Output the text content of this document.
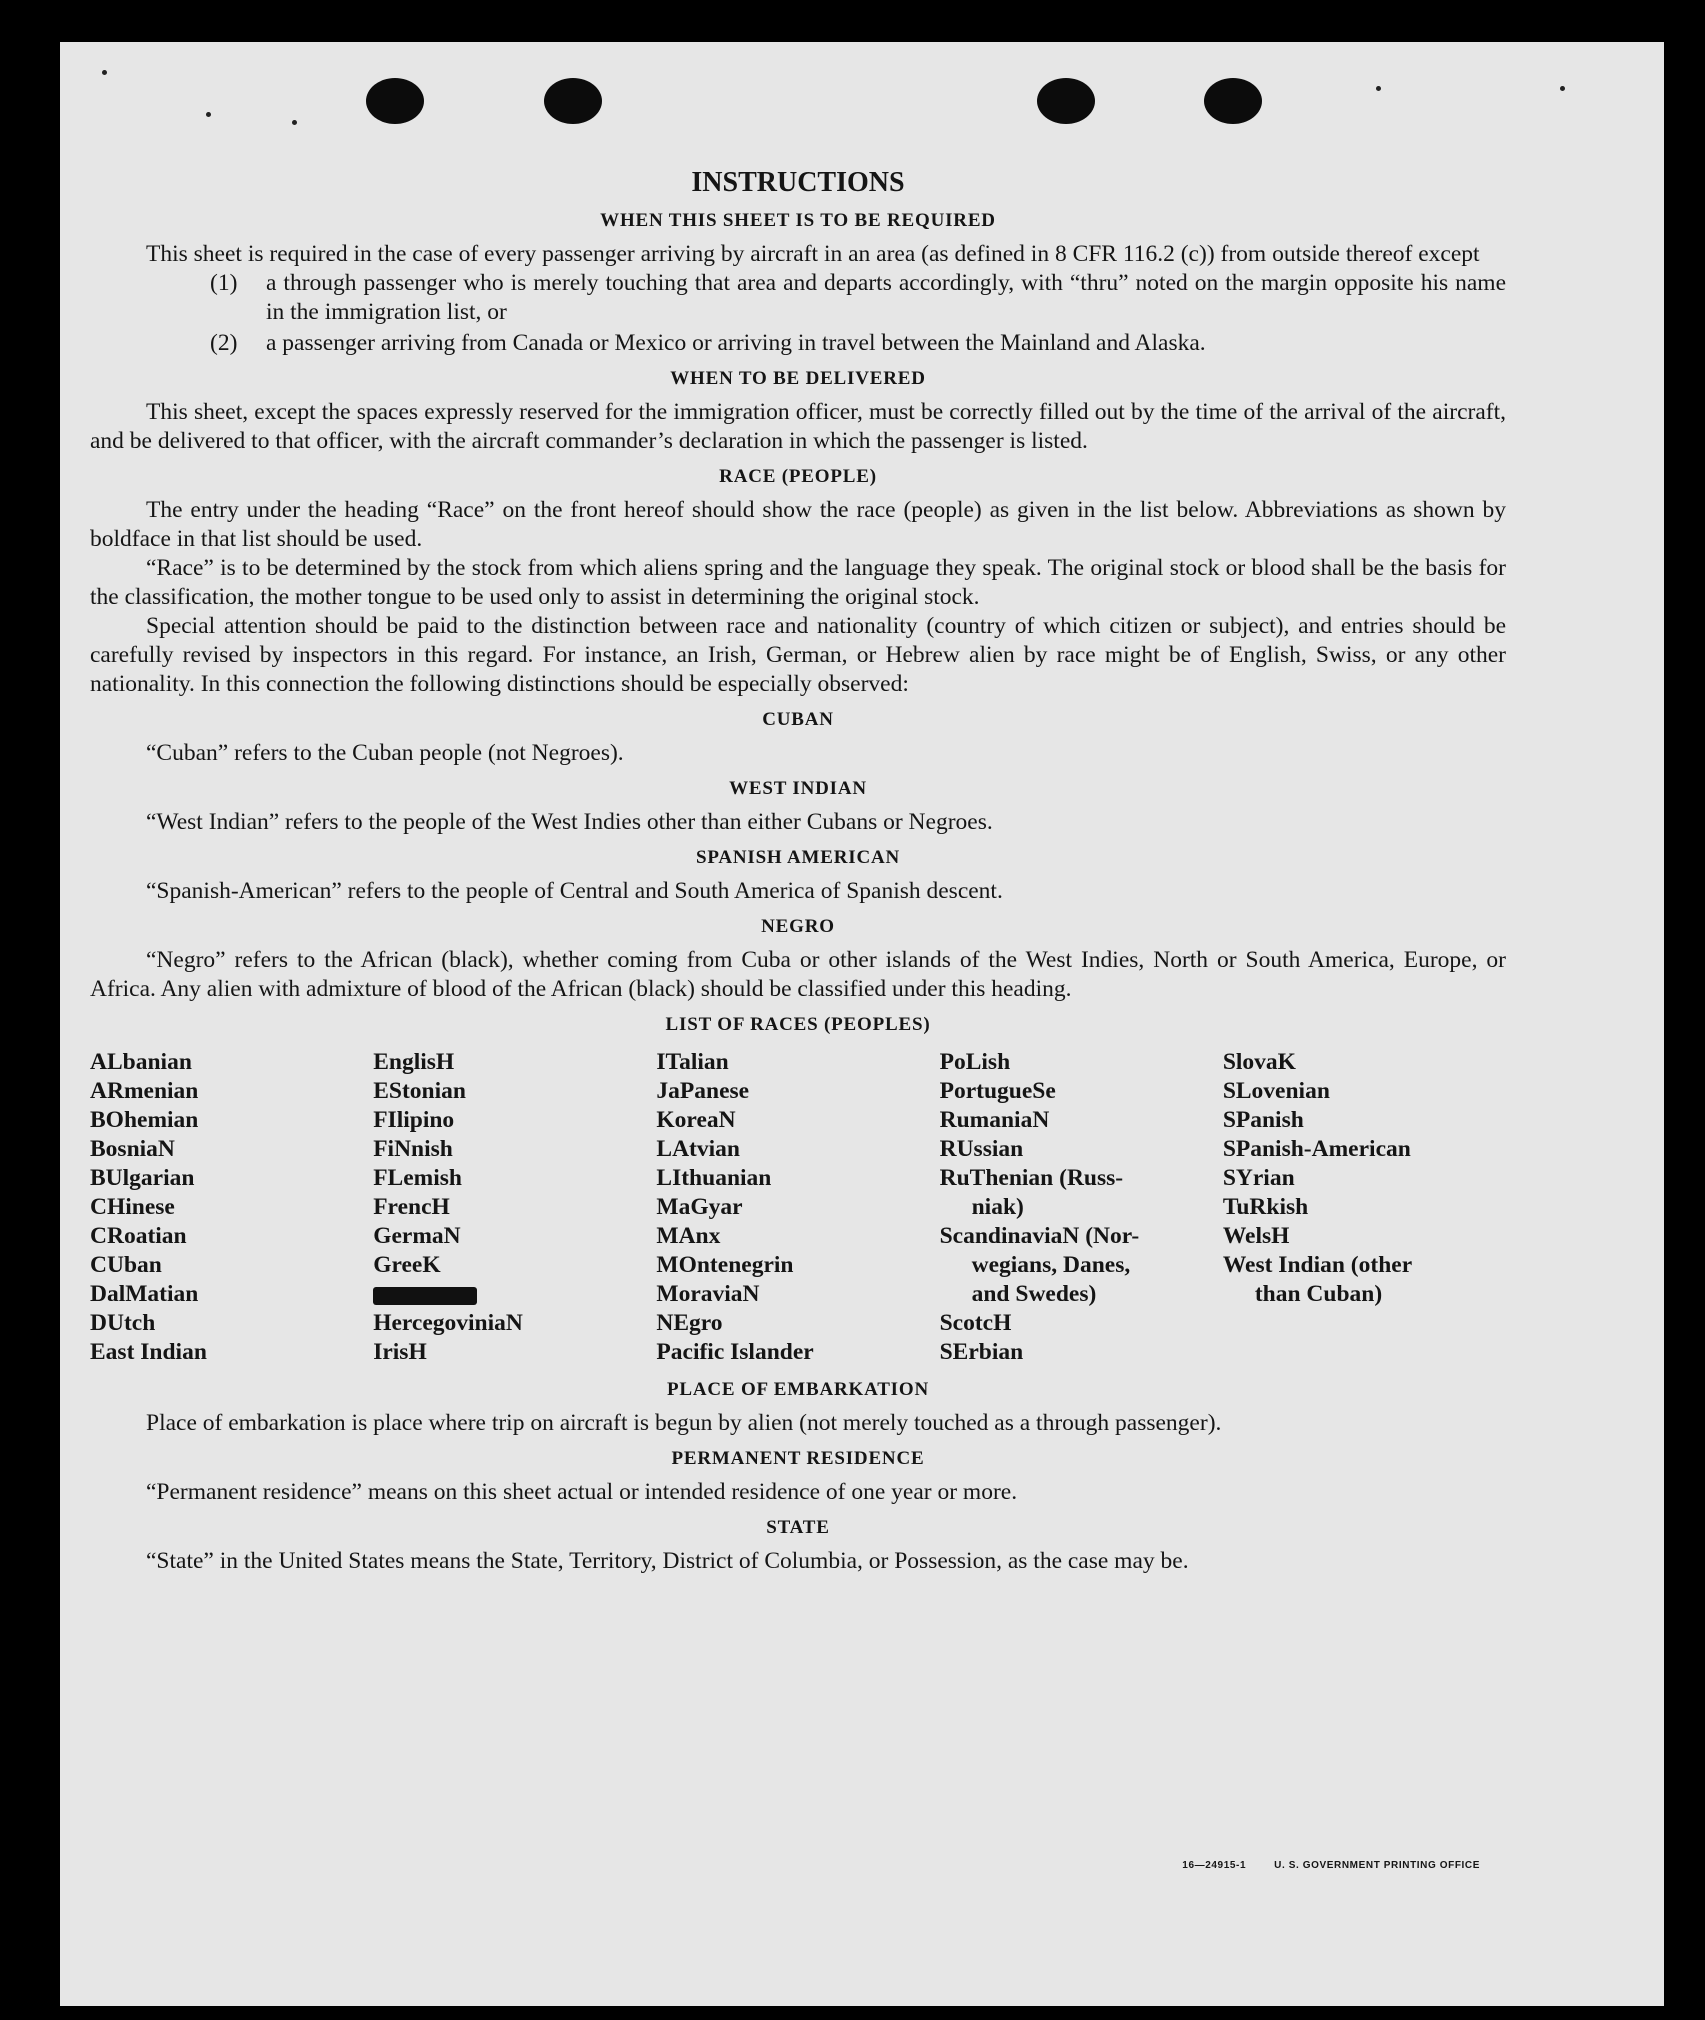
INSTRUCTIONS
WHEN THIS SHEET IS TO BE REQUIRED

This sheet is required in the case of every passenger arriving by aircraft in an area (as defined in 8 CFR 116.2 (c)) from outside thereof except

(1) a through passenger who is merely touching that area and departs accordingly, with “thru” noted on the margin opposite his name in the immigration list, or

(2) a passenger arriving from Canada or Mexico or arriving in travel between the Mainland and Alaska.

WHEN TO BE DELIVERED

This sheet, except the spaces expressly reserved for the immigration officer, must be correctly filled out by the time of the arrival of the aircraft, and be delivered to that officer, with the aircraft commander’s declaration in which the passenger is listed.

RACE (PEOPLE)

The entry under the heading “Race” on the front hereof should show the race (people) as given in the list below. Abbreviations as shown by boldface in that list should be used.

“Race” is to be determined by the stock from which aliens spring and the language they speak. The original stock or blood shall be the basis for the classification, the mother tongue to be used only to assist in determining the original stock.

Special attention should be paid to the distinction between race and nationality (country of which citizen or subject), and entries should be carefully revised by inspectors in this regard. For instance, an Irish, German, or Hebrew alien by race might be of English, Swiss, or any other nationality. In this connection the following distinctions should be especially observed:

CUBAN

“Cuban” refers to the Cuban people (not Negroes).

WEST INDIAN

“West Indian” refers to the people of the West Indies other than either Cubans or Negroes.

SPANISH AMERICAN

“Spanish-American” refers to the people of Central and South America of Spanish descent.

NEGRO

“Negro” refers to the African (black), whether coming from Cuba or other islands of the West Indies, North or South America, Europe, or Africa. Any alien with admixture of blood of the African (black) should be classified under this heading.

LIST OF RACES (PEOPLES)
ALbanian
ARmenian
BOhemian
BosniaN
BUlgarian
CHinese
CRoatian
CUban
DalMatian
DUtch
East Indian
EnglisH
EStonian
FIlipino
FiNnish
FLemish
FrencH
GermaN
GreeK
HercegoviniaN
IrisH
ITalian
JaPanese
KoreaN
LAtvian
LIthuanian
MaGyar
MAnx
MOntenegrin
MoraviaN
NEgro
Pacific Islander
PoLish
PortugueSe
RumaniaN
RUssian
RuThenian (Russ-
niak)
ScandinaviaN (Nor-
wegians, Danes,
and Swedes)
ScotcH
SErbian
SlovaK
SLovenian
SPanish
SPanish-American
SYrian
TuRkish
WelsH
West Indian (other
than Cuban)
PLACE OF EMBARKATION

Place of embarkation is place where trip on aircraft is begun by alien (not merely touched as a through passenger).

PERMANENT RESIDENCE

“Permanent residence” means on this sheet actual or intended residence of one year or more.

STATE

“State” in the United States means the State, Territory, District of Columbia, or Possession, as the case may be.

16—24915-1	U. S. GOVERNMENT PRINTING OFFICE
